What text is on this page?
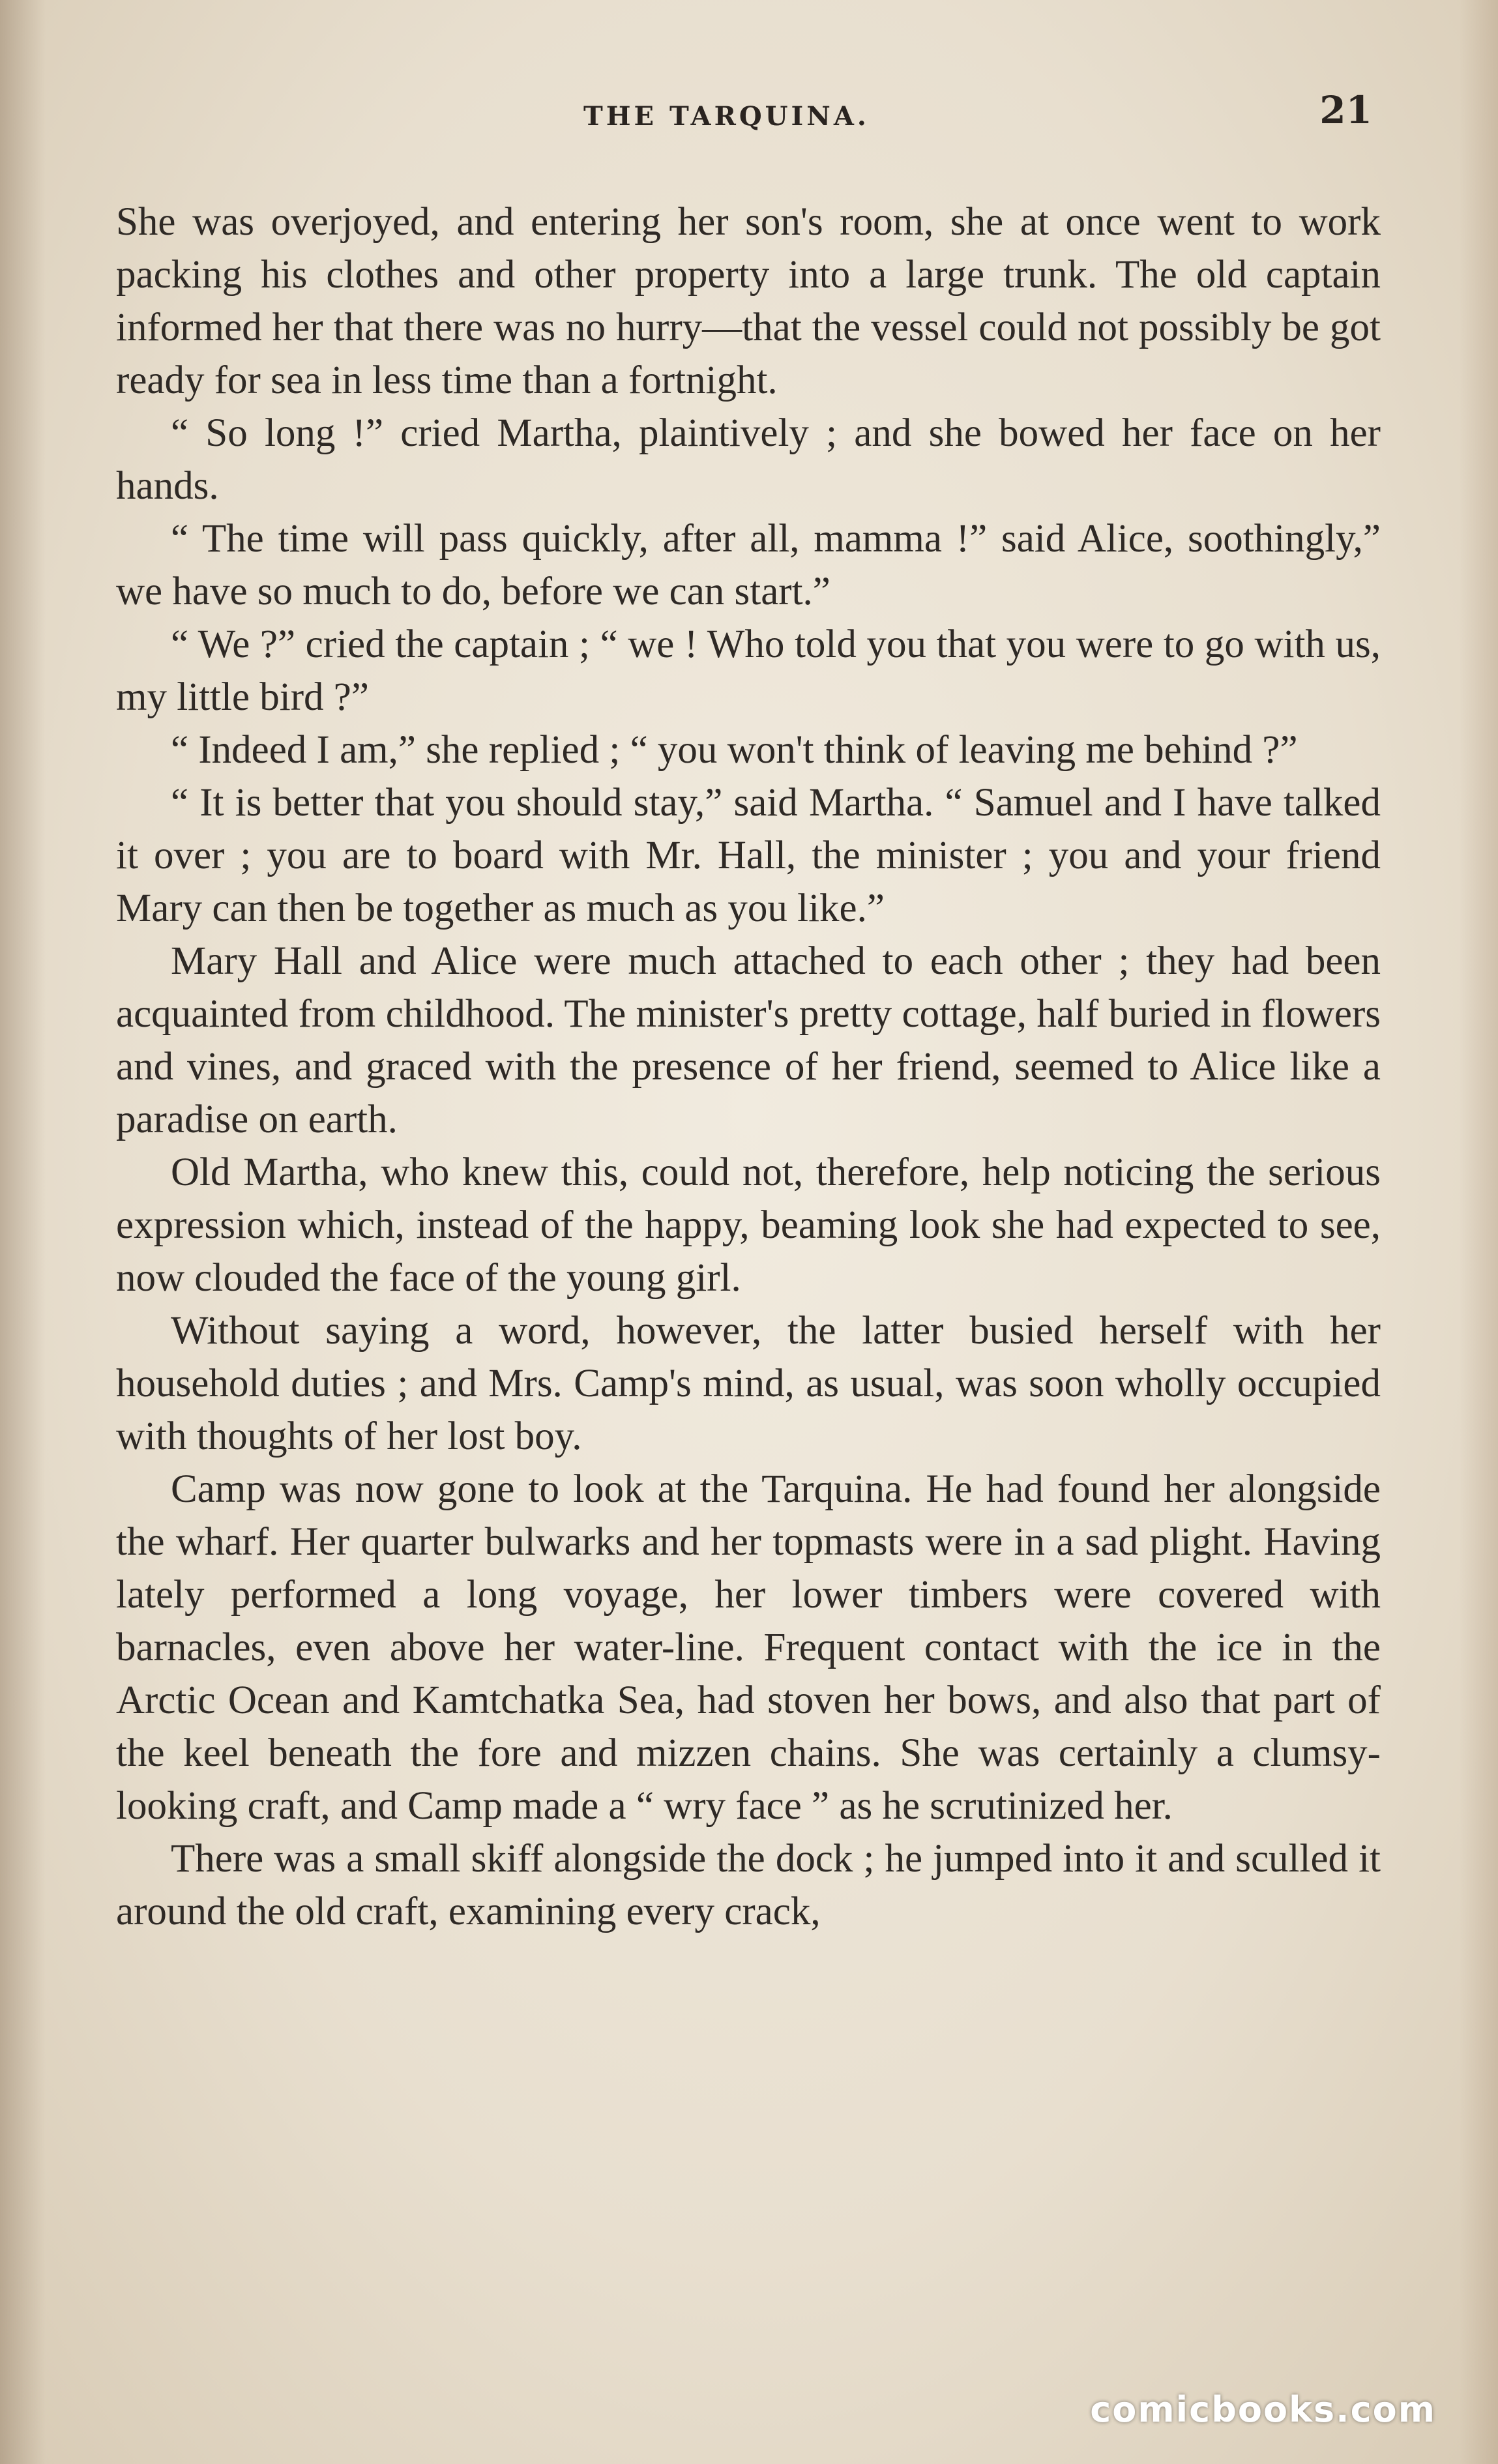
THE TARQUINA.	21

She was overjoyed, and entering her son's room, she at once went to work packing his clothes and other property into a large trunk. The old captain informed her that there was no hurry—that the vessel could not possibly be got ready for sea in less time than a fortnight.

“ So long !” cried Martha, plaintively ; and she bowed her face on her hands.

“ The time will pass quickly, after all, mamma !” said Alice, soothingly,” we have so much to do, before we can start.”

“ We ?” cried the captain ; “ we ! Who told you that you were to go with us, my little bird ?”

“ Indeed I am,” she replied ; “ you won't think of leaving me behind ?”

“ It is better that you should stay,” said Martha. “ Samuel and I have talked it over ; you are to board with Mr. Hall, the minister ; you and your friend Mary can then be together as much as you like.”

Mary Hall and Alice were much attached to each other ; they had been acquainted from childhood. The minister's pretty cottage, half buried in flowers and vines, and graced with the presence of her friend, seemed to Alice like a paradise on earth.

Old Martha, who knew this, could not, therefore, help noticing the serious expression which, instead of the happy, beaming look she had expected to see, now clouded the face of the young girl.

Without saying a word, however, the latter busied herself with her household duties ; and Mrs. Camp's mind, as usual, was soon wholly occupied with thoughts of her lost boy.

Camp was now gone to look at the Tarquina. He had found her alongside the wharf. Her quarter bulwarks and her topmasts were in a sad plight. Having lately performed a long voyage, her lower timbers were covered with barnacles, even above her water-line. Frequent contact with the ice in the Arctic Ocean and Kamtchatka Sea, had stoven her bows, and also that part of the keel beneath the fore and mizzen chains. She was certainly a clumsy-looking craft, and Camp made a “ wry face ” as he scrutinized her.

There was a small skiff alongside the dock ; he jumped into it and sculled it around the old craft, examining every crack,

comicbooks.com
